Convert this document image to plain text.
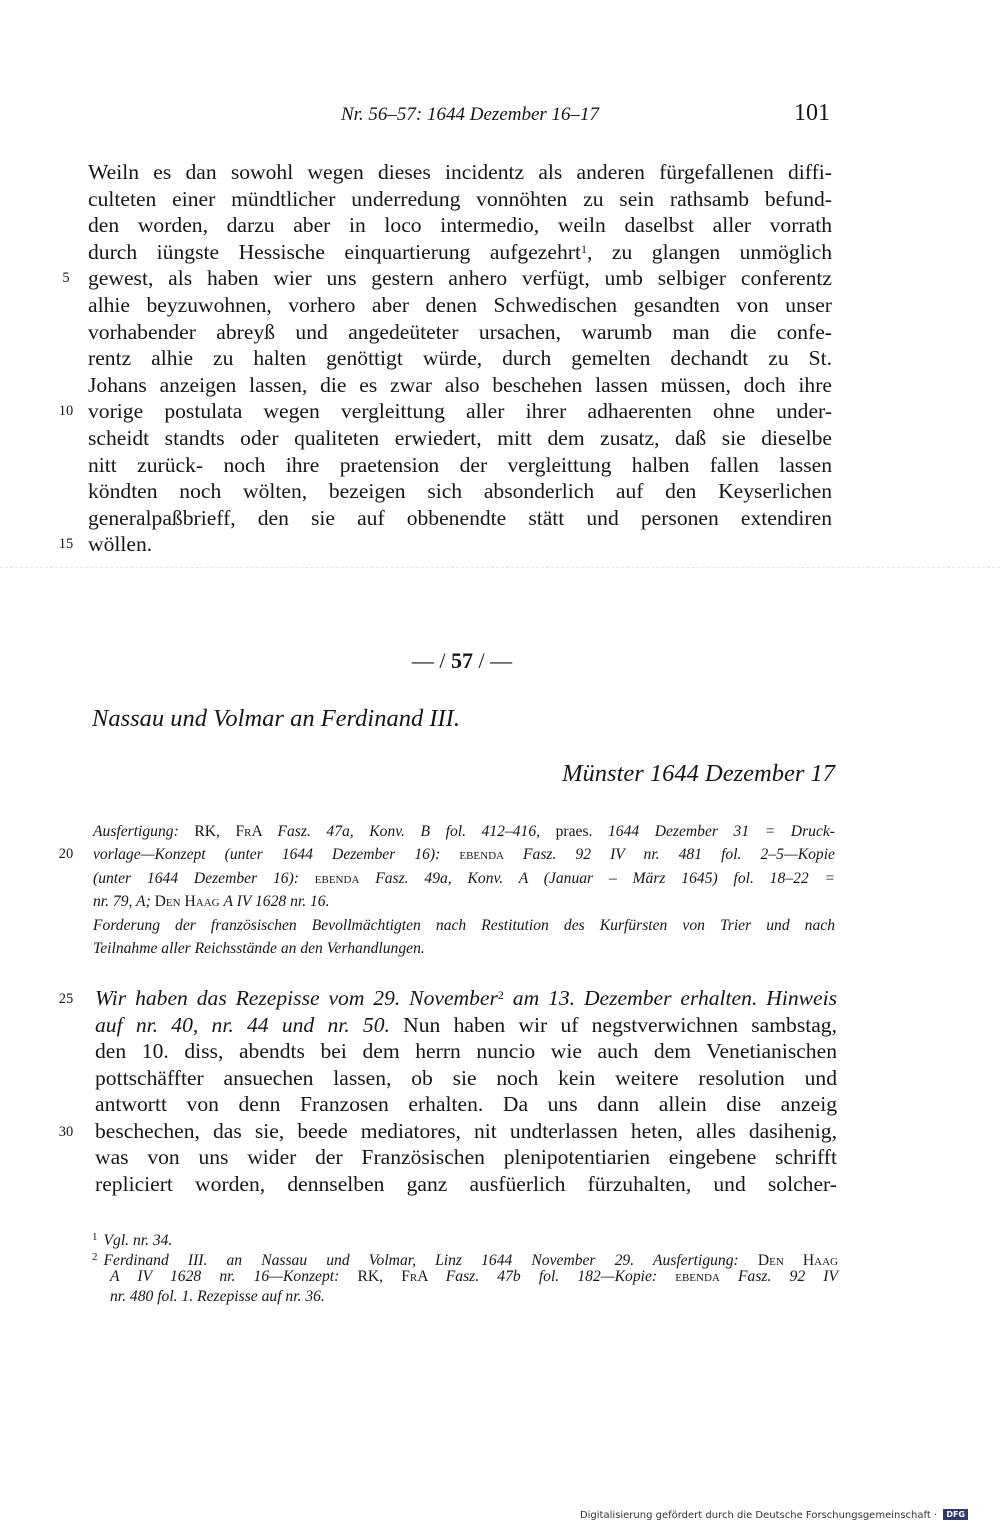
Nr. 56–57: 1644 Dezember 16–17	101
Weiln es dan sowohl wegen dieses incidentz als anderen fürgefallenen diffi-
culteten einer mündtlicher underredung vonnöhten zu sein rathsamb befund-
den worden, darzu aber in loco intermedio, weiln daselbst aller vorrath
durch iüngste Hessische einquartierung aufgezehrt$^1$, zu glangen unmöglich
gewest, als haben wier uns gestern anhero verfügt, umb selbiger conferentz
5
alhie beyzuwohnen, vorhero aber denen Schwedischen gesandten von unser
vorhabender abreyß und angedeüteter ursachen, warumb man die confe-
rentz alhie zu halten genöttigt würde, durch gemelten dechandt zu St.
Johans anzeigen lassen, die es zwar also beschehen lassen müssen, doch ihre
vorige postulata wegen vergleittung aller ihrer adhaerenten ohne under-
10
scheidt standts oder qualiteten erwiedert, mitt dem zusatz, daß sie dieselbe
nitt zurück- noch ihre praetension der vergleittung halben fallen lassen
köndten noch wölten, bezeigen sich absonderlich auf den Keyserlichen
generalpaßbrieff, den sie auf obbenendte stätt und personen extendiren
wöllen.
15
— / 57 / —
Nassau und Volmar an Ferdinand III.
Münster 1644 Dezember 17
Ausfertigung: RK, FrA Fasz. 47a, Konv. B fol. 412–416, praes. 1644 Dezember 31 = Druck-
vorlage—Konzept (unter 1644 Dezember 16): ebenda Fasz. 92 IV nr. 481 fol. 2–5—Kopie
20
(unter 1644 Dezember 16): ebenda Fasz. 49a, Konv. A (Januar – März 1645) fol. 18–22 =
nr. 79, A; Den Haag A IV 1628 nr. 16.
Forderung der französischen Bevollmächtigten nach Restitution des Kurfürsten von Trier und nach
Teilnahme aller Reichsstände an den Verhandlungen.
Wir haben das Rezepisse vom 29. November$^2$ am 13. Dezember erhalten. Hinweis
25
auf nr. 40, nr. 44 und nr. 50. Nun haben wir uf negstverwichnen sambstag,
den 10. diss, abendts bei dem herrn nuncio wie auch dem Venetianischen
pottschäffter ansuechen lassen, ob sie noch kein weitere resolution und
antwortt von denn Franzosen erhalten. Da uns dann allein dise anzeig
beschechen, das sie, beede mediatores, nit undterlassen heten, alles dasihenig,
30
was von uns wider der Französischen plenipotentiarien eingebene schrifft
repliciert worden, dennselben ganz ausfüerlich fürzuhalten, und solcher-
$^1$ Vgl. nr. 34.
$^2$ Ferdinand III. an Nassau und Volmar, Linz 1644 November 29. Ausfertigung: Den Haag
A IV 1628 nr. 16—Konzept: RK, FrA Fasz. 47b fol. 182—Kopie: ebenda Fasz. 92 IV
nr. 480 fol. 1. Rezepisse auf nr. 36.
Digitalisierung gefördert durch die Deutsche Forschungsgemeinschaft · DFG
